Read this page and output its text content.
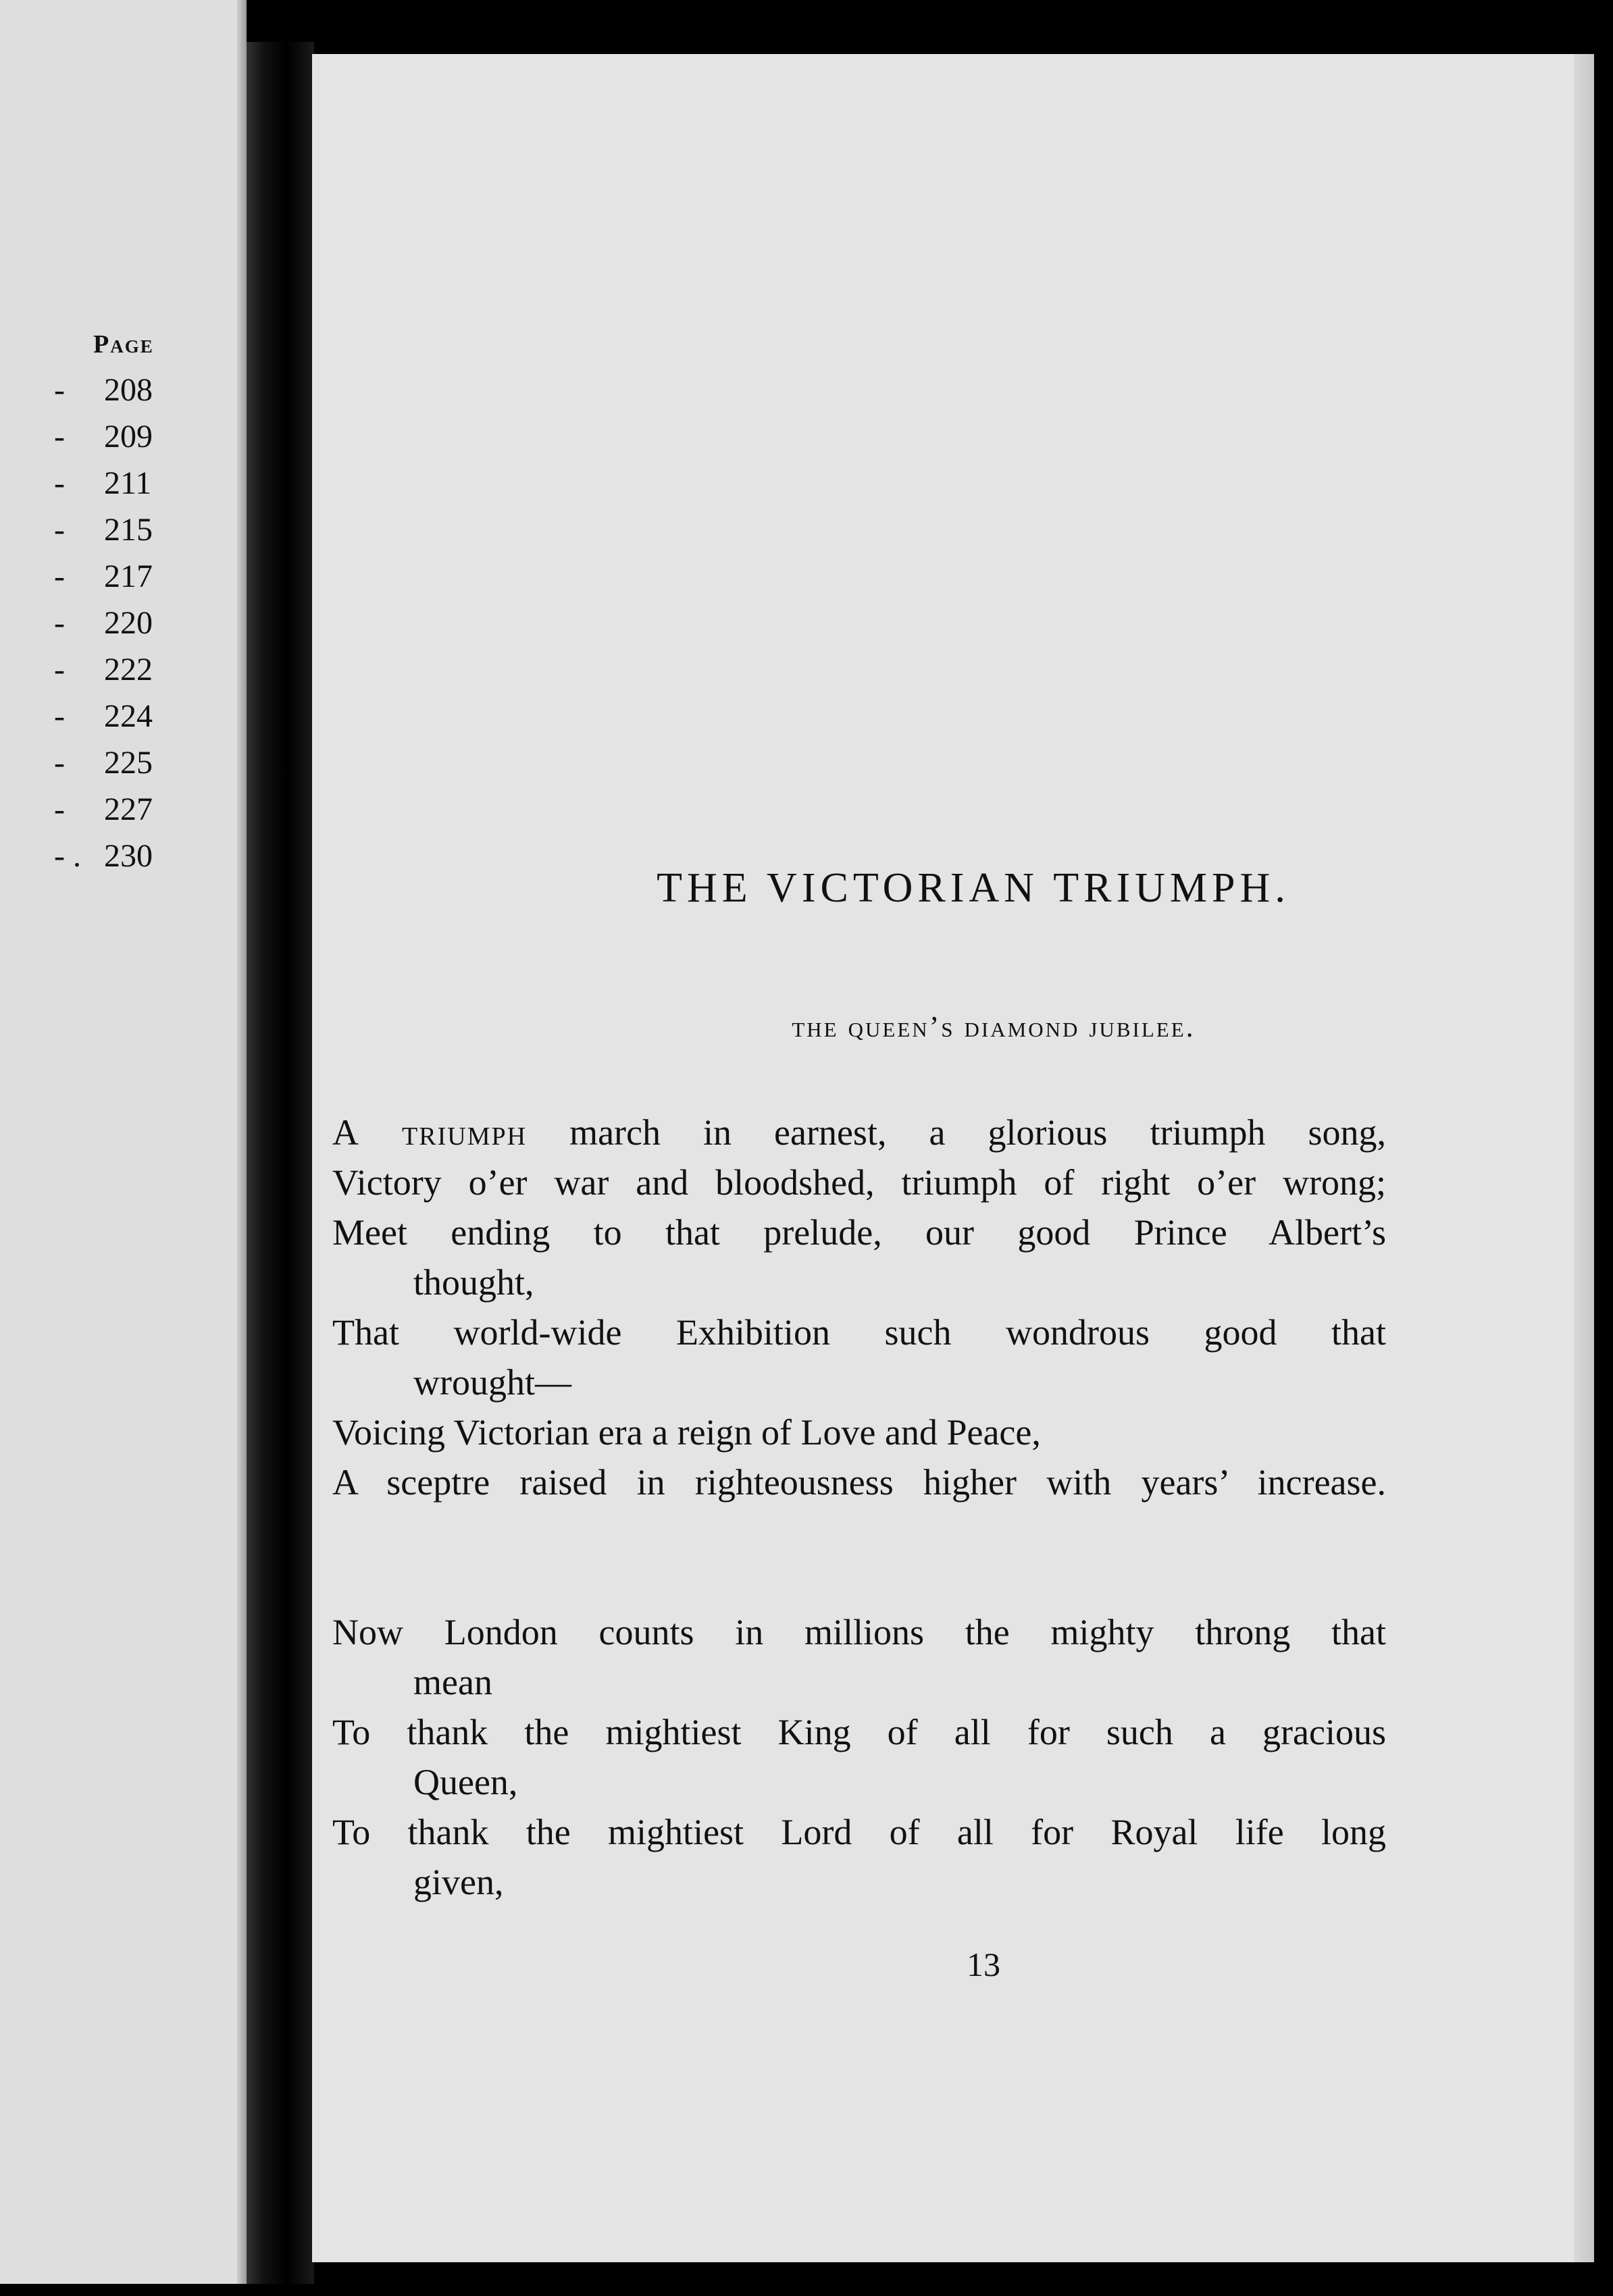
Page
- 208
- 209
- 211
- 215
- 217
- 220
- 222
- 224
- 225
- 227
- . 230
THE VICTORIAN TRIUMPH.
the queen’s diamond jubilee.
A triumph march in earnest, a glorious triumph song,
Victory o’er war and bloodshed, triumph of right o’er wrong;
Meet ending to that prelude, our good Prince Albert’s
thought,
That world-wide Exhibition such wondrous good that
wrought—
Voicing Victorian era a reign of Love and Peace,
A sceptre raised in righteousness higher with years’ increase.
Now London counts in millions the mighty throng that
mean
To thank the mightiest King of all for such a gracious
Queen,
To thank the mightiest Lord of all for Royal life long
given,
13
